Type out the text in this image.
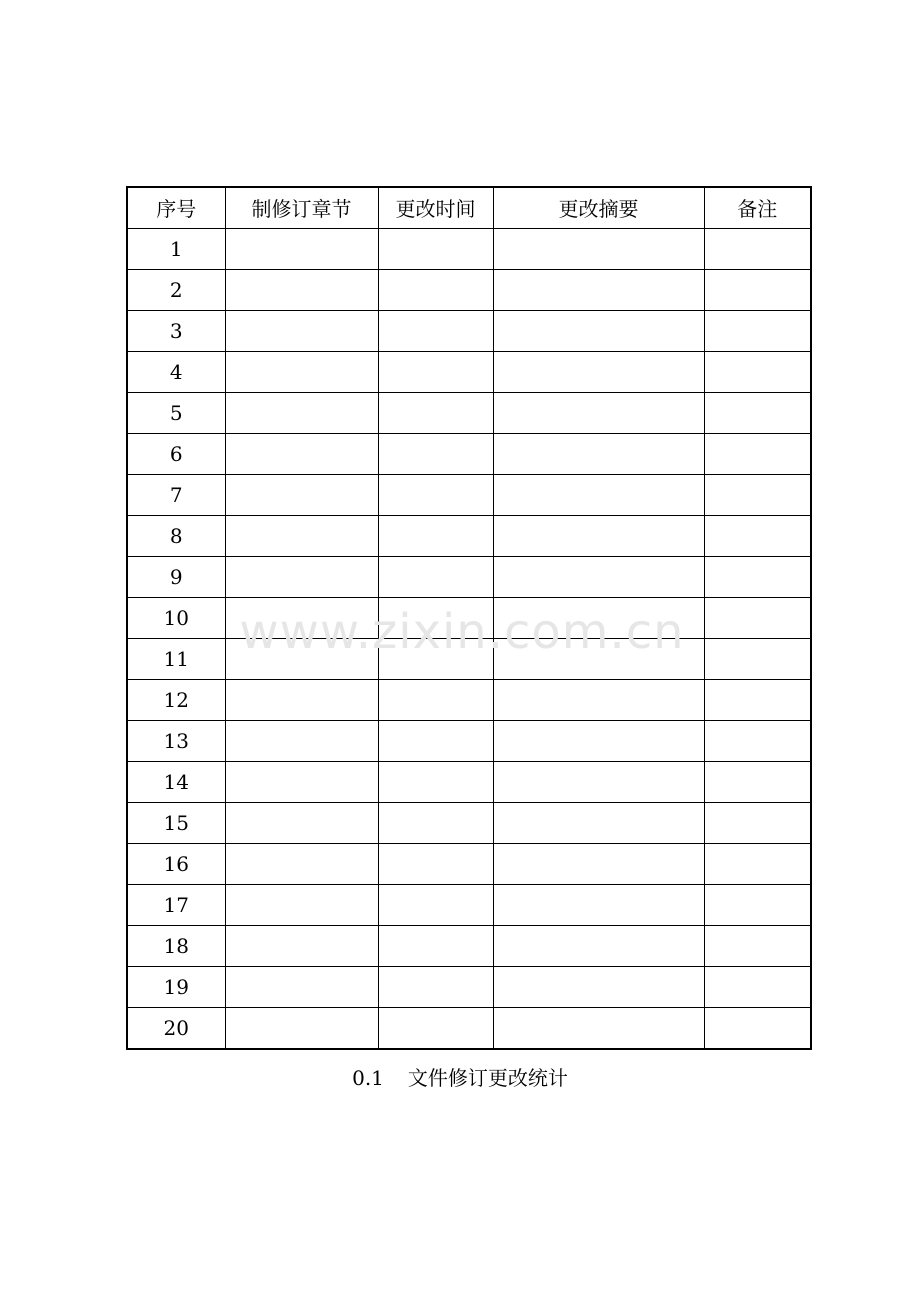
序号	制修订章节	更改时间	更改摘要	备注
1				
2				
3				
4				
5				
6				
7				
8				
9				
10				
11				
12				
13				
14				
15				
16				
17				
18				
19				
20				
www.zixin.com.cn
0.1 文件修订更改统计
